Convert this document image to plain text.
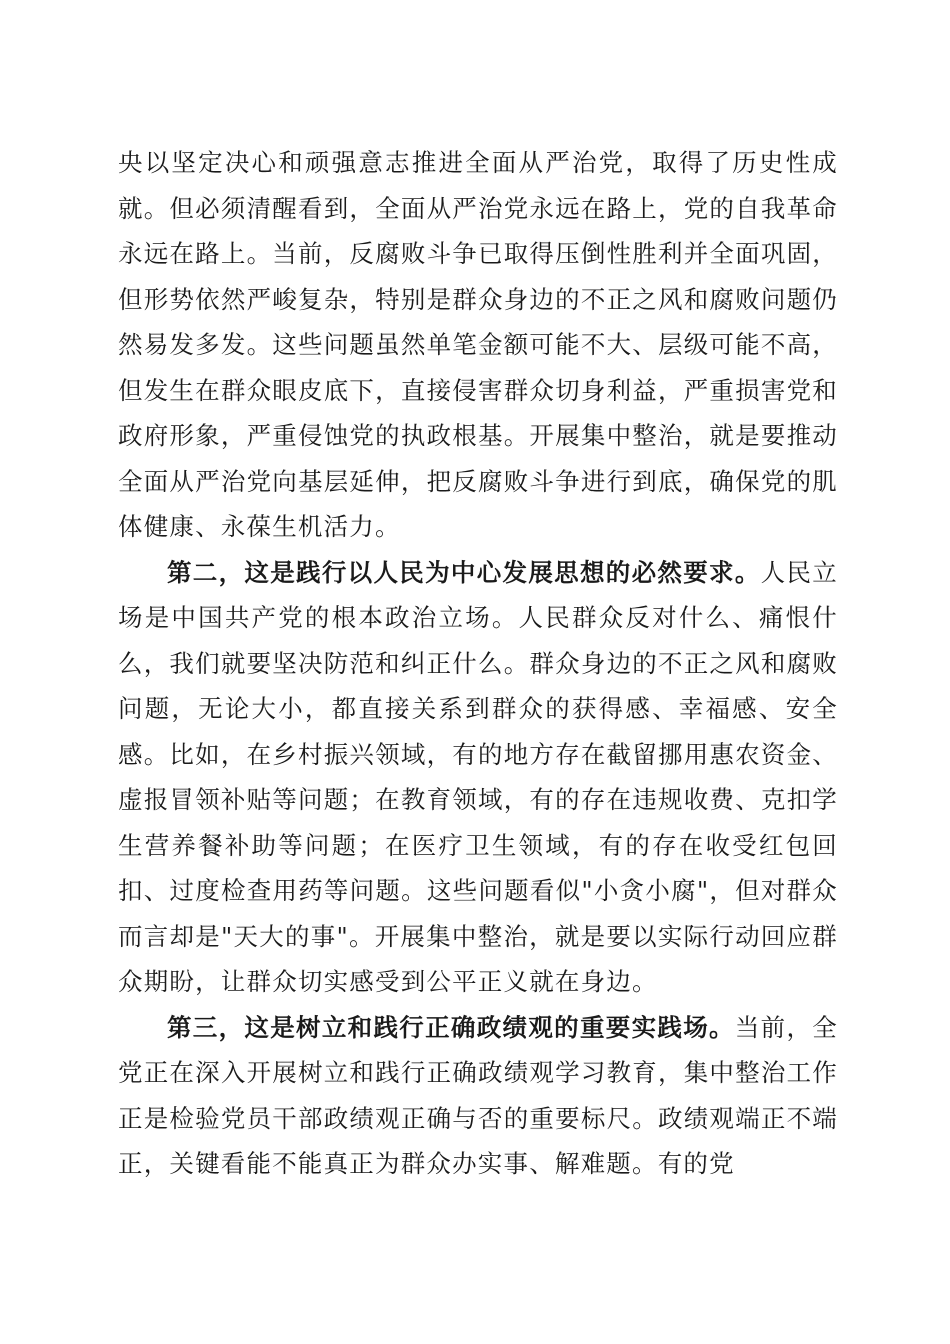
央以坚定决心和顽强意志推进全面从严治党，取得了历史性成就。但必须清醒看到，全面从严治党永远在路上，党的自我革命永远在路上。当前，反腐败斗争已取得压倒性胜利并全面巩固，但形势依然严峻复杂，特别是群众身边的不正之风和腐败问题仍然易发多发。这些问题虽然单笔金额可能不大、层级可能不高，但发生在群众眼皮底下，直接侵害群众切身利益，严重损害党和政府形象，严重侵蚀党的执政根基。开展集中整治，就是要推动全面从严治党向基层延伸，把反腐败斗争进行到底，确保党的肌体健康、永葆生机活力。

第二，这是践行以人民为中心发展思想的必然要求。人民立场是中国共产党的根本政治立场。人民群众反对什么、痛恨什么，我们就要坚决防范和纠正什么。群众身边的不正之风和腐败问题，无论大小，都直接关系到群众的获得感、幸福感、安全感。比如，在乡村振兴领域，有的地方存在截留挪用惠农资金、虚报冒领补贴等问题；在教育领域，有的存在违规收费、克扣学生营养餐补助等问题；在医疗卫生领域，有的存在收受红包回扣、过度检查用药等问题。这些问题看似"小贪小腐"，但对群众而言却是"天大的事"。开展集中整治，就是要以实际行动回应群众期盼，让群众切实感受到公平正义就在身边。

第三，这是树立和践行正确政绩观的重要实践场。当前，全党正在深入开展树立和践行正确政绩观学习教育，集中整治工作正是检验党员干部政绩观正确与否的重要标尺。政绩观端正不端正，关键看能不能真正为群众办实事、解难题。有的党
